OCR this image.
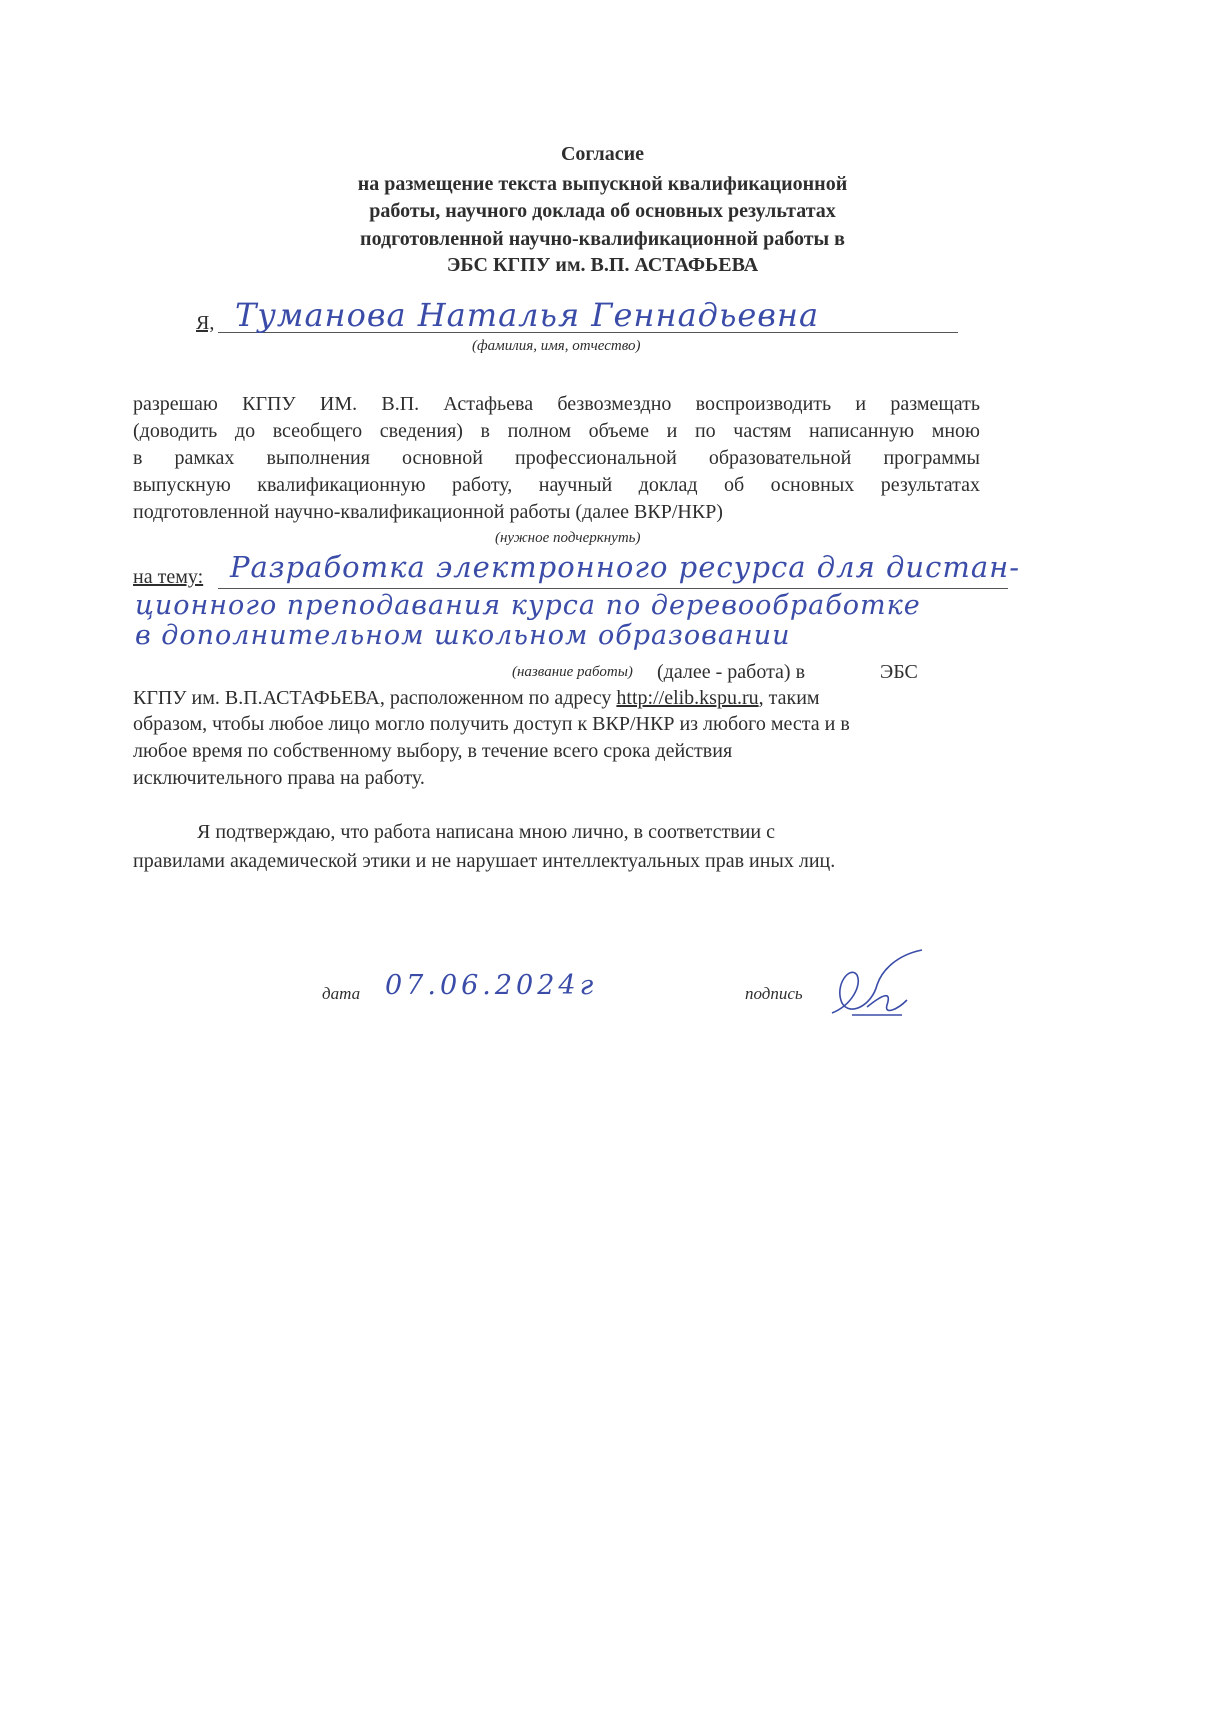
Согласие
на размещение текста выпускной квалификационной
работы, научного доклада об основных результатах
подготовленной научно-квалификационной работы в
ЭБС КГПУ им. В.П. АСТАФЬЕВА
Я, Туманова Наталья Геннадьевна
(фамилия, имя, отчество)
разрешаю КГПУ ИМ. В.П. Астафьева безвозмездно воспроизводить и размещать
(доводить до всеобщего сведения) в полном объеме и по частям написанную мною
в рамках выполнения основной профессиональной образовательной программы
выпускную квалификационную работу, научный доклад об основных результатах
подготовленной научно-квалификационной работы (далее ВКР/НКР)
(нужное подчеркнуть)
на тему: Разработка электронного ресурса для дистан-
ционного преподавания курса по деревообработке
в дополнительном школьном образовании
(название работы) (далее - работа) в	ЭБС
КГПУ им. В.П.АСТАФЬЕВА, расположенном по адресу http://elib.kspu.ru, таким
образом, чтобы любое лицо могло получить доступ к ВКР/НКР из любого места и в
любое время по собственному выбору, в течение всего срока действия
исключительного права на работу.
Я подтверждаю, что работа написана мною лично, в соответствии с
правилами академической этики и не нарушает интеллектуальных прав иных лиц.
дата 07.06.2024г	подпись
